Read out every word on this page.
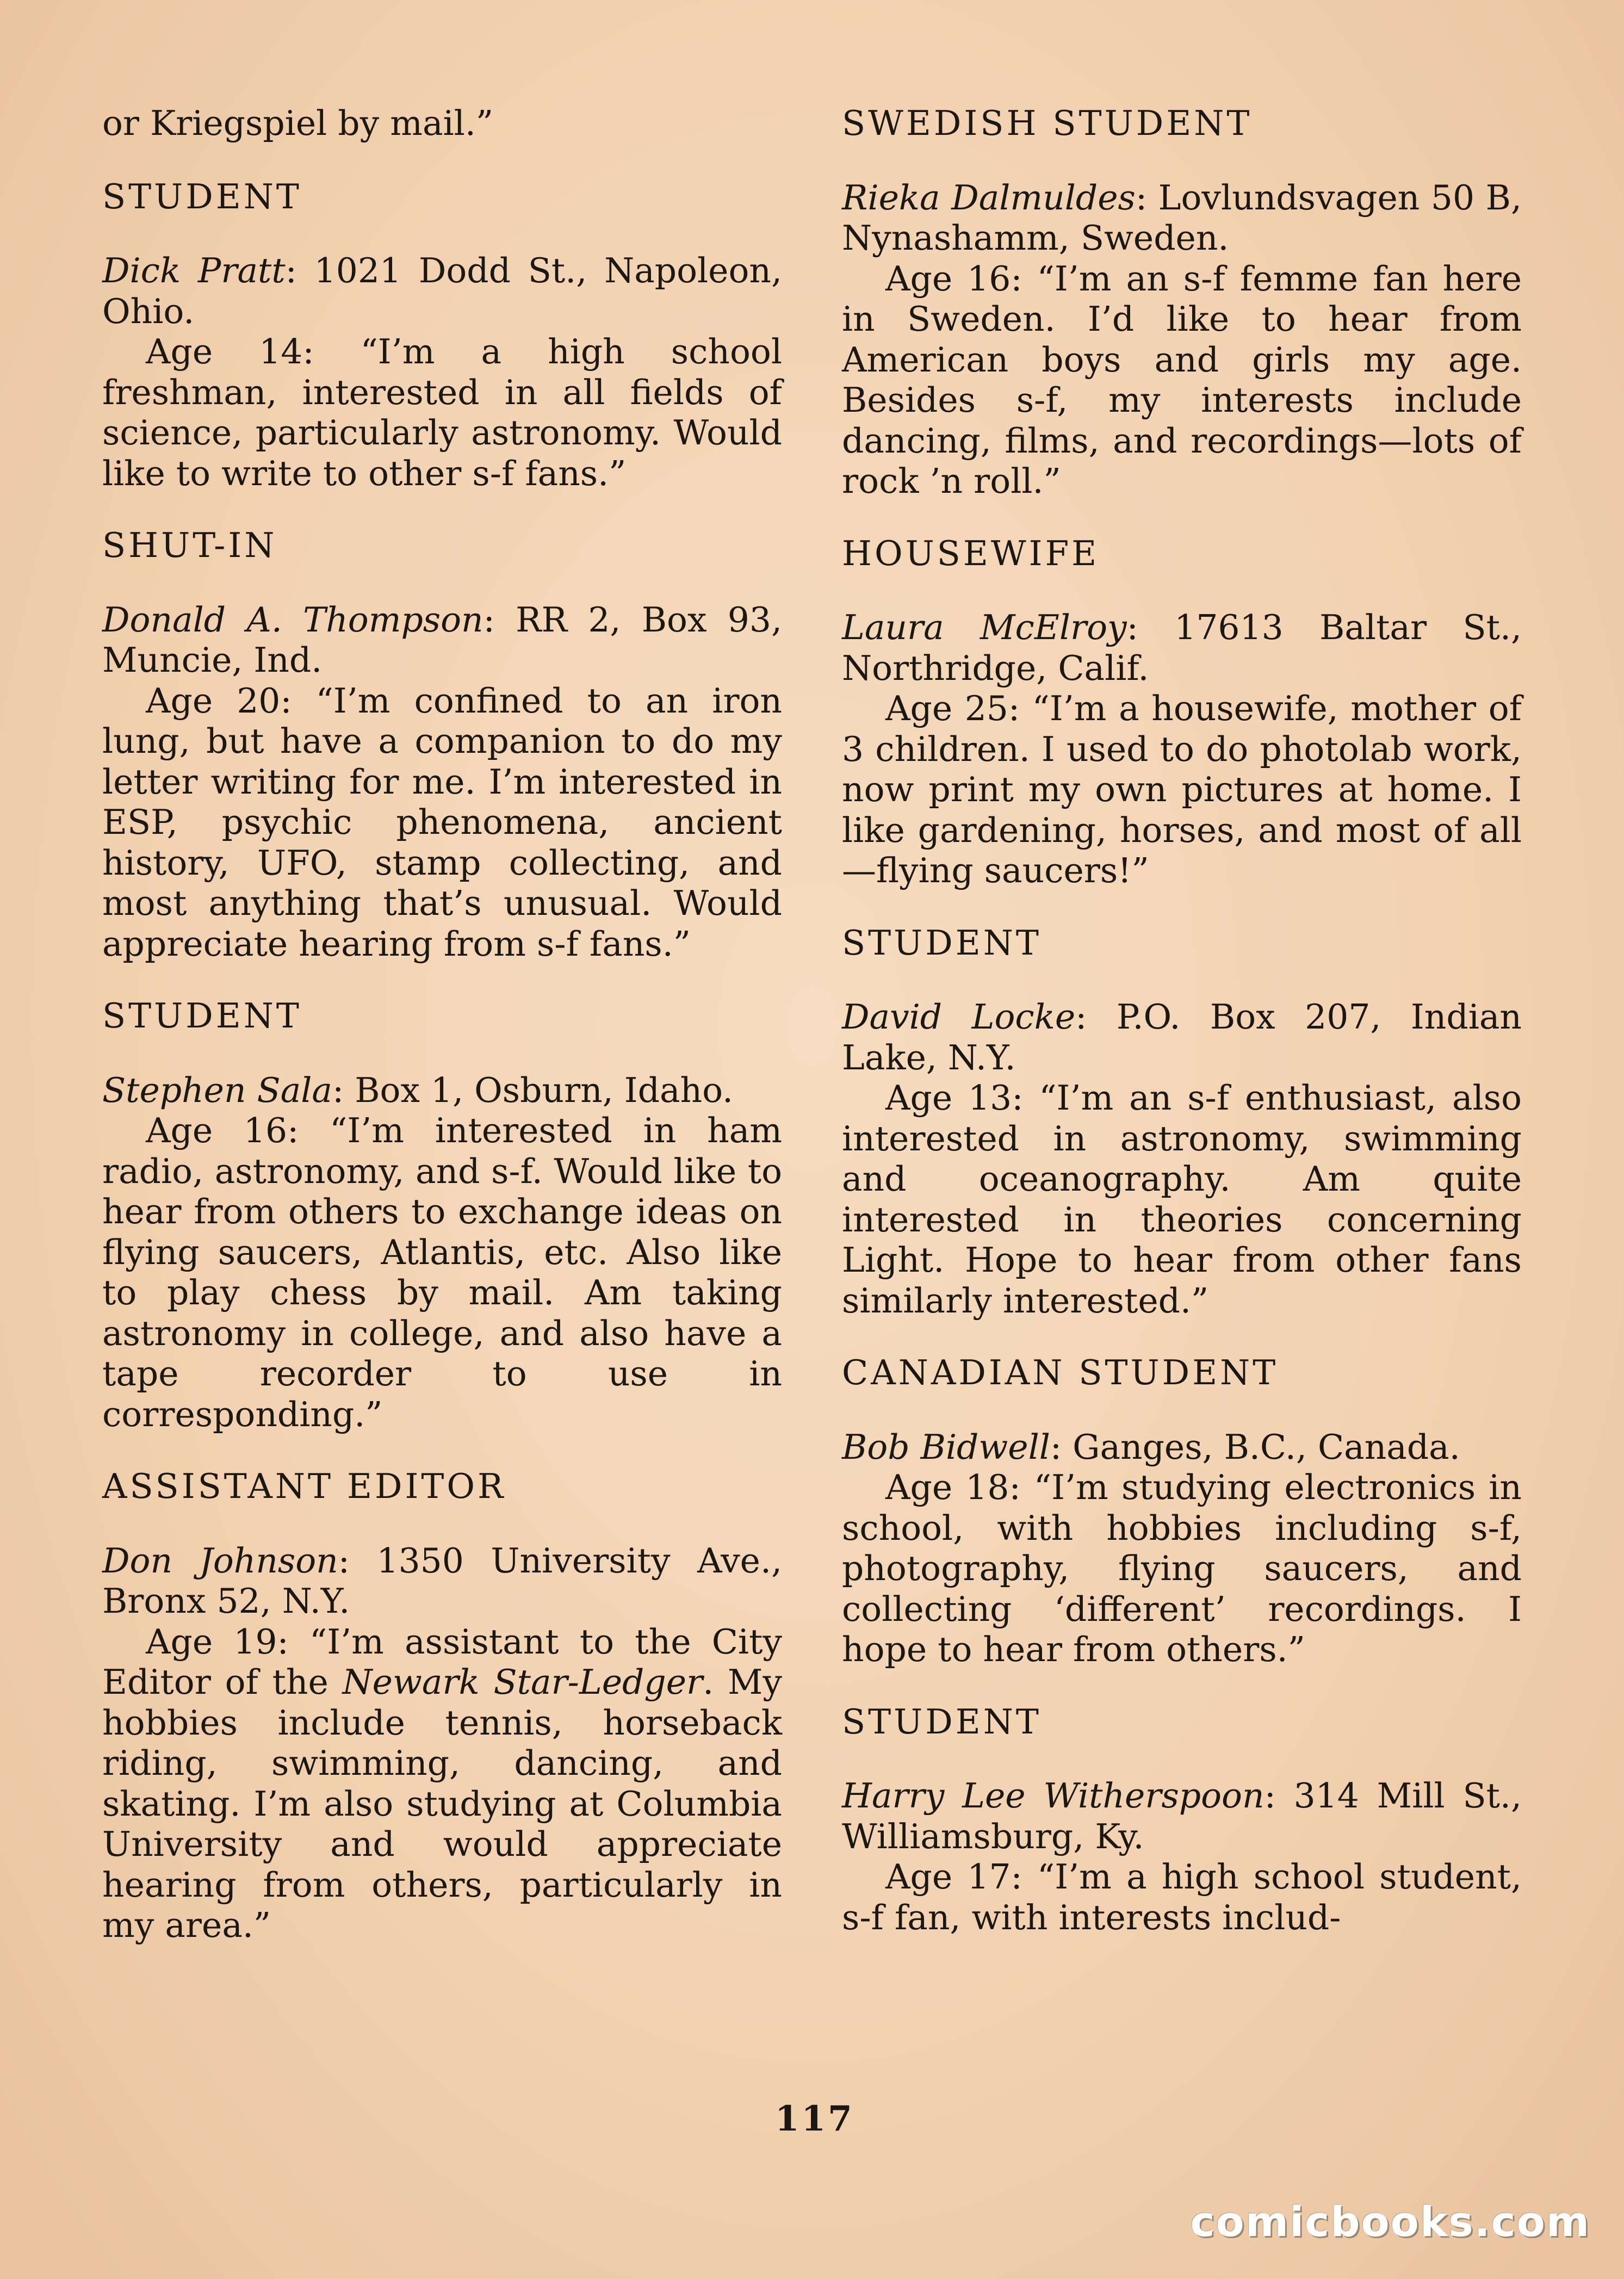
or Kriegspiel by mail.”

STUDENT

Dick Pratt: 1021 Dodd St., Napoleon, Ohio.

Age 14: “I’m a high school freshman, interested in all fields of science, particularly astronomy. Would like to write to other s-f fans.”

SHUT-IN

Donald A. Thompson: RR 2, Box 93, Muncie, Ind.

Age 20: “I’m confined to an iron lung, but have a companion to do my letter writing for me. I’m interested in ESP, psychic phenomena, ancient history, UFO, stamp collecting, and most anything that’s unusual. Would appreciate hearing from s-f fans.”

STUDENT

Stephen Sala: Box 1, Osburn, Idaho.

Age 16: “I’m interested in ham radio, astronomy, and s-f. Would like to hear from others to exchange ideas on flying saucers, Atlantis, etc. Also like to play chess by mail. Am taking astronomy in college, and also have a tape recorder to use in corresponding.”

ASSISTANT EDITOR

Don Johnson: 1350 University Ave., Bronx 52, N.Y.

Age 19: “I’m assistant to the City Editor of the Newark Star-Ledger. My hobbies include tennis, horseback riding, swimming, dancing, and skating. I’m also studying at Columbia University and would appreciate hearing from others, particularly in my area.”

SWEDISH STUDENT

Rieka Dalmuldes: Lovlundsvagen 50 B, Nynashamm, Sweden.

Age 16: “I’m an s-f femme fan here in Sweden. I’d like to hear from American boys and girls my age. Besides s-f, my interests include dancing, films, and recordings—lots of rock ’n roll.”

HOUSEWIFE

Laura McElroy: 17613 Baltar St., Northridge, Calif.

Age 25: “I’m a housewife, mother of 3 children. I used to do photolab work, now print my own pictures at home. I like gardening, horses, and most of all—flying saucers!”

STUDENT

David Locke: P.O. Box 207, Indian Lake, N.Y.

Age 13: “I’m an s-f enthusiast, also interested in astronomy, swimming and oceanography. Am quite interested in theories concerning Light. Hope to hear from other fans similarly interested.”

CANADIAN STUDENT

Bob Bidwell: Ganges, B.C., Canada.

Age 18: “I’m studying electronics in school, with hobbies including s-f, photography, flying saucers, and collecting ‘different’ recordings. I hope to hear from others.”

STUDENT

Harry Lee Witherspoon: 314 Mill St., Williamsburg, Ky.

Age 17: “I’m a high school student, s-f fan, with interests includ-

117
comicbooks.com
